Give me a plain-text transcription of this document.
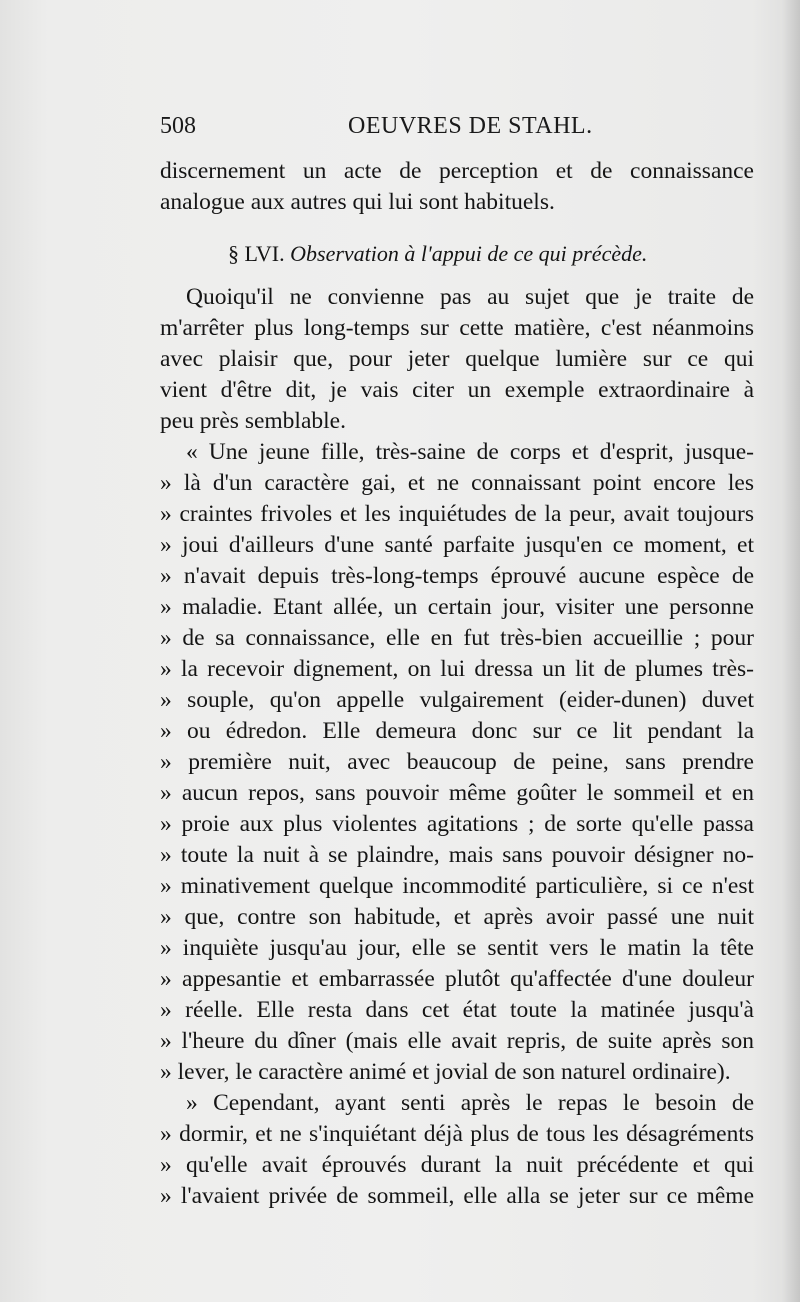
508	OEUVRES DE STAHL.
discernement un acte de perception et de connaissance
analogue aux autres qui lui sont habituels.
§ LVI. Observation à l'appui de ce qui précède.
Quoiqu'il ne convienne pas au sujet que je traite de
m'arrêter plus long-temps sur cette matière, c'est néanmoins
avec plaisir que, pour jeter quelque lumière sur ce qui
vient d'être dit, je vais citer un exemple extraordinaire à
peu près semblable.
« Une jeune fille, très-saine de corps et d'esprit, jusque-
» là d'un caractère gai, et ne connaissant point encore les
» craintes frivoles et les inquiétudes de la peur, avait toujours
» joui d'ailleurs d'une santé parfaite jusqu'en ce moment, et
» n'avait depuis très-long-temps éprouvé aucune espèce de
» maladie. Etant allée, un certain jour, visiter une personne
» de sa connaissance, elle en fut très-bien accueillie ; pour
» la recevoir dignement, on lui dressa un lit de plumes très-
» souple, qu'on appelle vulgairement (eider-dunen) duvet
» ou édredon. Elle demeura donc sur ce lit pendant la
» première nuit, avec beaucoup de peine, sans prendre
» aucun repos, sans pouvoir même goûter le sommeil et en
» proie aux plus violentes agitations ; de sorte qu'elle passa
» toute la nuit à se plaindre, mais sans pouvoir désigner no-
» minativement quelque incommodité particulière, si ce n'est
» que, contre son habitude, et après avoir passé une nuit
» inquiète jusqu'au jour, elle se sentit vers le matin la tête
» appesantie et embarrassée plutôt qu'affectée d'une douleur
» réelle. Elle resta dans cet état toute la matinée jusqu'à
» l'heure du dîner (mais elle avait repris, de suite après son
» lever, le caractère animé et jovial de son naturel ordinaire).
» Cependant, ayant senti après le repas le besoin de
» dormir, et ne s'inquiétant déjà plus de tous les désagréments
» qu'elle avait éprouvés durant la nuit précédente et qui
» l'avaient privée de sommeil, elle alla se jeter sur ce même
